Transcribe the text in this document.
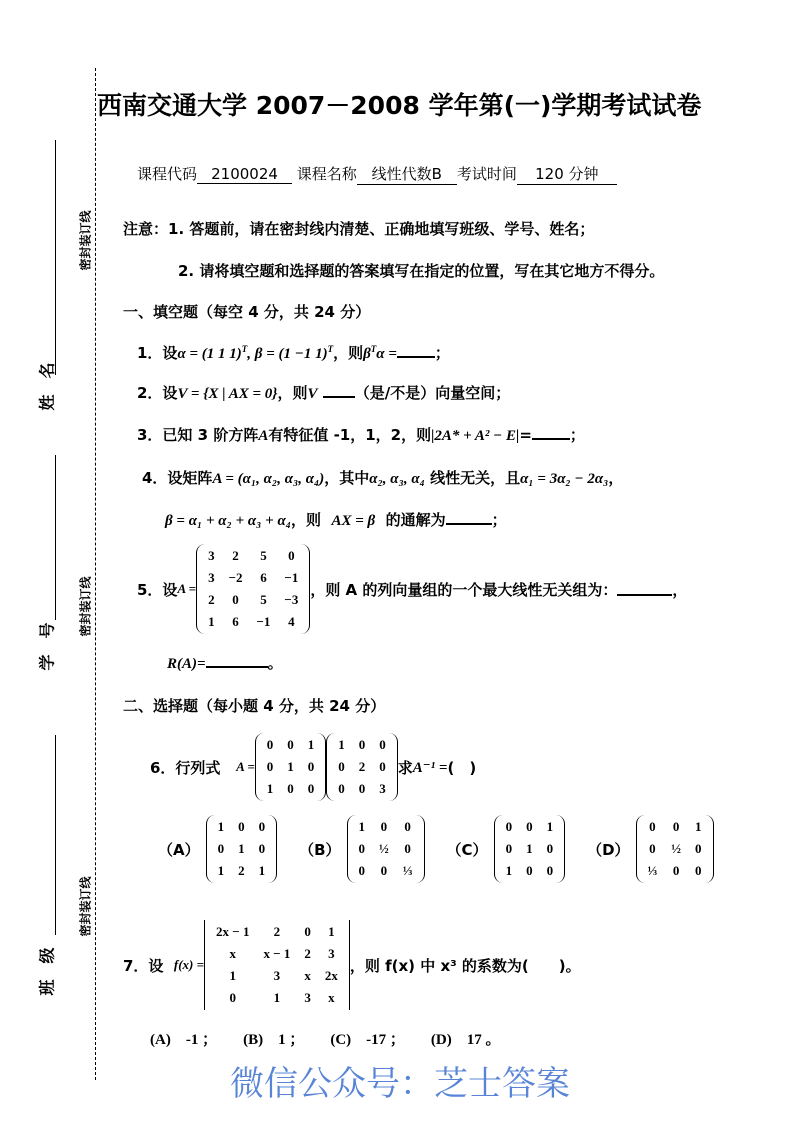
姓　名
学　号
班　级
密封装订线
密封装订线
密封装订线
西南交通大学 2007－2008 学年第(一)学期考试试卷
课程代码 2100024 课程名称 线性代数B 考试时间 120 分钟
注意：1. 答题前，请在密封线内清楚、正确地填写班级、学号、姓名；
2. 请将填空题和选择题的答案填写在指定的位置，写在其它地方不得分。
一、填空题（每空 4 分，共 24 分）
1．设α = (1 1 1)$^T$, β = (1 −1 1)$^T$，则$\beta^T\alpha$ =	；
2．设V = {X | AX = 0}，则V （是/不是）向量空间；
3．已知 3 阶方阵A有特征值 -1，1，2，则|2A* + A² − E|=	；
4．设矩阵A = (α₁, α₂, α₃, α₄)，其中α₂, α₃, α₄ 线性无关，且α₁ = 3α₂ − 2α₃，
β = α₁ + α₂ + α₃ + α₄，则 AX = β 的通解为	；
5．设 A =
3	2	5	0
3	−2	6	−1
2	0	5	−3
1	6	−1	4
，则 A 的列向量组的一个最大线性无关组为：	，
R(A)=	。
二、选择题（每小题 4 分，共 24 分）
6．行列式
A =
0	0	1
0	1	0
1	0	0
1	0	0
0	2	0
0	0	3
求 A⁻¹ = (　)
（A）
1	0	0
0	1	0
1	2	1
（B）
1	0	0
0	½	0
0	0	⅓
（C）
0	0	1
0	1	0
1	0	0
（D）
0	0	1
0	½	0
⅓	0	0
7．设
f(x) =
2x − 1	2	0	1
x	x − 1	2	3
1	3	x	2x
0	1	3	x
，则 f(x) 中 x³ 的系数为(　　)。
(A) -1 ； (B) 1 ； (C) -17 ； (D) 17 。
微信公众号：芝士答案
